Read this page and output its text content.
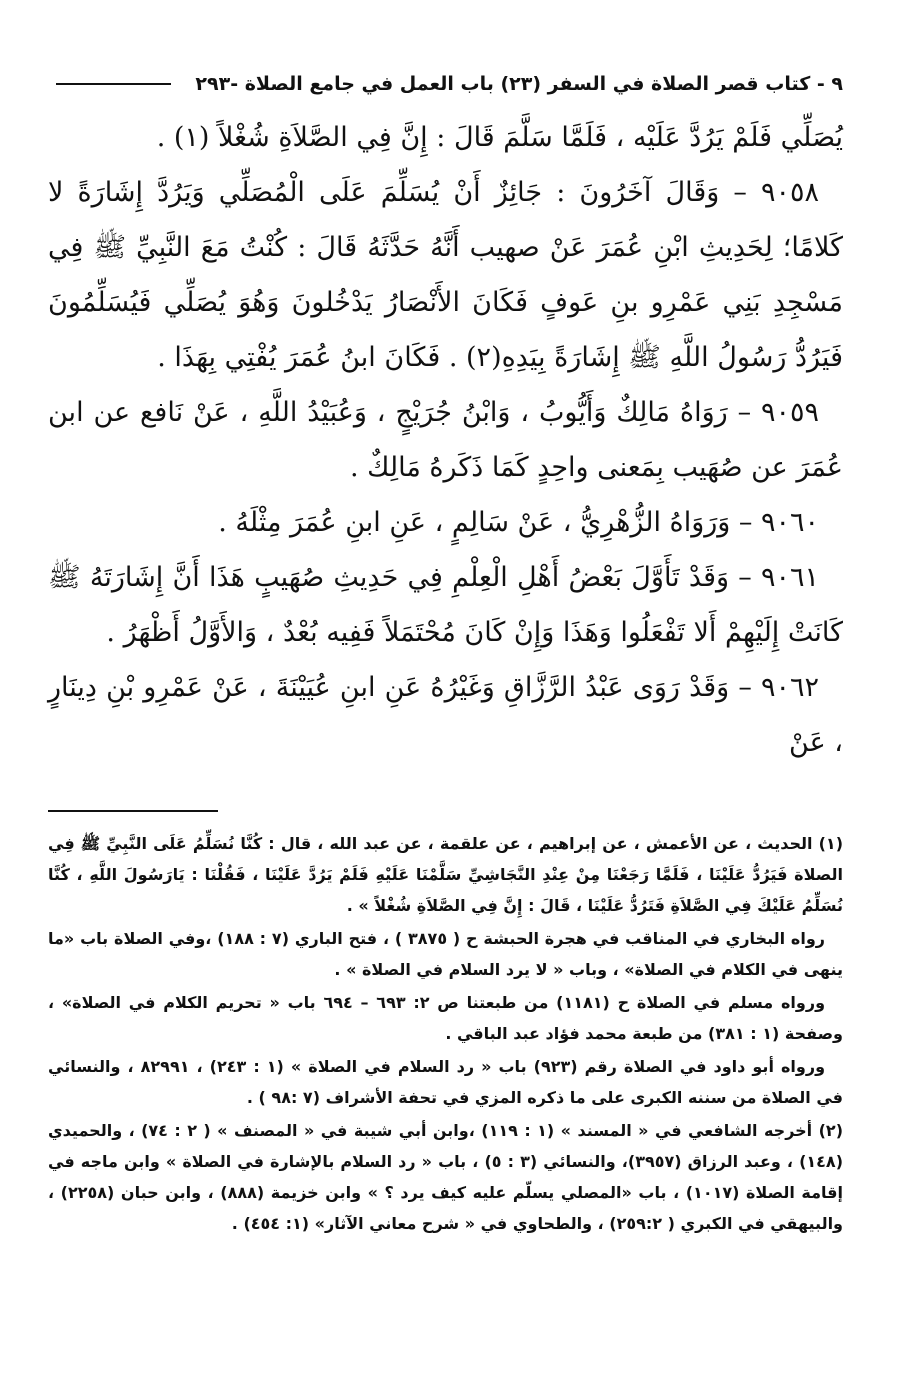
٩ - كتاب قصر الصلاة في السفر (٢٣) باب العمل في جامع الصلاة -٢٩٣

يُصَلِّي فَلَمْ يَرُدَّ عَلَيْه ، فَلَمَّا سَلَّمَ قَالَ : إِنَّ فِي الصَّلاَةِ شُغْلاً (١) .

٩٠٥٨ – وَقَالَ آخَرُونَ : جَائِزٌ أَنْ يُسَلِّمَ عَلَى الْمُصَلِّي وَيَرُدَّ إِشَارَةً لا كَلامًا؛ لِحَدِيثِ ابْنِ عُمَرَ عَنْ صهيب أَنَّهُ حَدَّثَهُ قَالَ : كُنْتُ مَعَ النَّبِيِّ ﷺ فِي مَسْجِدِ بَنِي عَمْرِو بنِ عَوفٍ فَكَانَ الأَنْصَارُ يَدْخُلونَ وَهُوَ يُصَلِّي فَيُسَلِّمُونَ فَيَرُدُّ رَسُولُ اللَّهِ ﷺ إِشَارَةً بِيَدِهِ(٢) . فَكَانَ ابنُ عُمَرَ يُفْتِي بِهَذَا .

٩٠٥٩ – رَوَاهُ مَالِكٌ وَأَيُّوبُ ، وَابْنُ جُرَيْجٍ ، وَعُبَيْدُ اللَّهِ ، عَنْ نَافع عن ابن عُمَرَ عن صُهَيب بِمَعنى واحِدٍ كَمَا ذَكَرهُ مَالِكٌ .

٩٠٦٠ – وَرَوَاهُ الزُّهْرِيُّ ، عَنْ سَالِمٍ ، عَنِ ابنِ عُمَرَ مِثْلَهُ .

٩٠٦١ – وَقَدْ تَأَوَّلَ بَعْضُ أَهْلِ الْعِلْمِ فِي حَدِيثِ صُهَيبٍ هَذَا أَنَّ إِشَارَتَهُ ﷺ كَانَتْ إِلَيْهِمْ أَلا تَفْعَلُوا وَهَذَا وَإِنْ كَانَ مُحْتَمَلاً فَفِيه بُعْدٌ ، وَالأَوَّلُ أَظْهَرُ .

٩٠٦٢ – وَقَدْ رَوَى عَبْدُ الرَّزَّاقِ وَغَيْرُهُ عَنِ ابنِ عُيَيْنَةَ ، عَنْ عَمْرِو بْنِ دِينَارٍ ، عَنْ

(١) الحديث ، عن الأعمش ، عن إبراهيم ، عن علقمة ، عن عبد الله ، قال : كُنَّا نُسَلِّمُ عَلَى النَّبِيِّ ﷺ فِي الصلاة فَيَرُدُّ عَلَيْنَا ، فَلَمَّا رَجَعْنَا مِنْ عِنْدِ النَّجَاشِيِّ سَلَّمْنَا عَلَيْهِ فَلَمْ يَرُدَّ عَلَيْنَا ، فَقُلْنَا : يَارَسُولَ اللَّهِ ، كُنَّا نُسَلِّمُ عَلَيْكَ فِي الصَّلاَةِ فَتَرُدُّ عَلَيْنَا ، قَالَ : إِنَّ فِي الصَّلاَةِ شُغْلاً » .

رواه البخاري في المناقب في هجرة الحبشة ح ( ٣٨٧٥ ) ، فتح الباري (٧ : ١٨٨) ،وفي الصلاة باب «ما ينهى في الكلام في الصلاة» ، وباب « لا يرد السلام في الصلاة » .

ورواه مسلم في الصلاة ح (١١٨١) من طبعتنا ص ٢: ٦٩٣ – ٦٩٤ باب « تحريم الكلام في الصلاة» ، وصفحة (١ : ٣٨١) من طبعة محمد فؤاد عبد الباقي .

ورواه أبو داود في الصلاة رقم (٩٢٣) باب « رد السلام في الصلاة » (١ : ٢٤٣) ، ٨٢٩٩١ ، والنسائي في الصلاة من سننه الكبرى على ما ذكره المزي في تحفة الأشراف (٧ :٩٨ ) .

(٢) أخرجه الشافعي في « المسند » (١ : ١١٩) ،وابن أبي شيبة في « المصنف » ( ٢ : ٧٤) ، والحميدي (١٤٨) ، وعبد الرزاق (٣٩٥٧)، والنسائي (٣ : ٥) ، باب « رد السلام بالإشارة في الصلاة » وابن ماجه في إقامة الصلاة (١٠١٧) ، باب «المصلي يسلّم عليه كيف يرد ؟ » وابن خزيمة (٨٨٨) ، وابن حبان (٢٢٥٨) ، والبيهقي في الكبري ( ٢٥٩:٢) ، والطحاوي في « شرح معاني الآثار» (١: ٤٥٤) .
